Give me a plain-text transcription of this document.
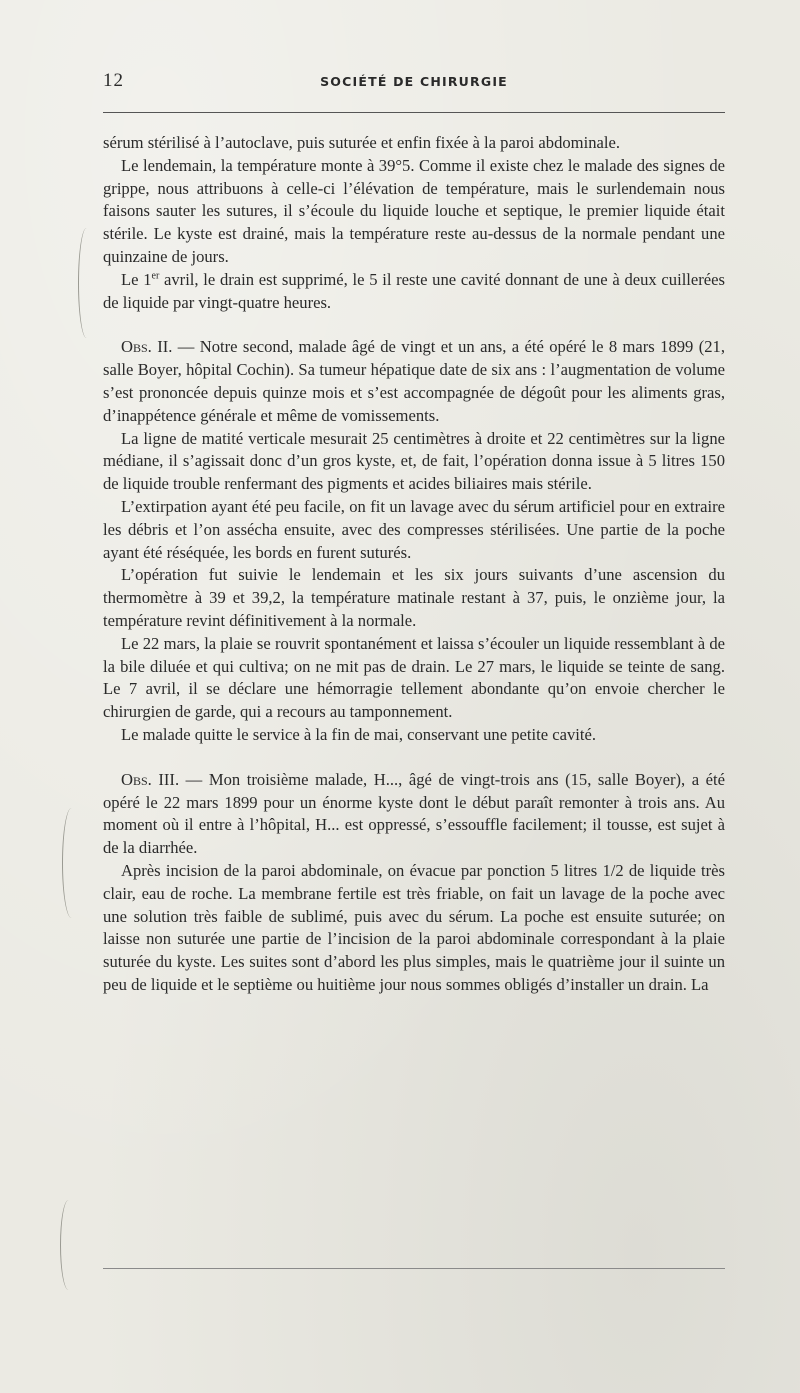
12	SOCIÉTÉ DE CHIRURGIE

sérum stérilisé à l’autoclave, puis suturée et enfin fixée à la paroi abdominale.

Le lendemain, la température monte à 39°5. Comme il existe chez le malade des signes de grippe, nous attribuons à celle-ci l’élévation de température, mais le surlendemain nous faisons sauter les sutures, il s’écoule du liquide louche et septique, le premier liquide était stérile. Le kyste est drainé, mais la température reste au-dessus de la normale pendant une quinzaine de jours.

Le 1er avril, le drain est supprimé, le 5 il reste une cavité donnant de une à deux cuillerées de liquide par vingt-quatre heures.

Obs. II. — Notre second, malade âgé de vingt et un ans, a été opéré le 8 mars 1899 (21, salle Boyer, hôpital Cochin). Sa tumeur hépatique date de six ans : l’augmentation de volume s’est prononcée depuis quinze mois et s’est accompagnée de dégoût pour les aliments gras, d’inappétence générale et même de vomissements.

La ligne de matité verticale mesurait 25 centimètres à droite et 22 centimètres sur la ligne médiane, il s’agissait donc d’un gros kyste, et, de fait, l’opération donna issue à 5 litres 150 de liquide trouble renfermant des pigments et acides biliaires mais stérile.

L’extirpation ayant été peu facile, on fit un lavage avec du sérum artificiel pour en extraire les débris et l’on assécha ensuite, avec des compresses stérilisées. Une partie de la poche ayant été réséquée, les bords en furent suturés.

L’opération fut suivie le lendemain et les six jours suivants d’une ascension du thermomètre à 39 et 39,2, la température matinale restant à 37, puis, le onzième jour, la température revint définitivement à la normale.

Le 22 mars, la plaie se rouvrit spontanément et laissa s’écouler un liquide ressemblant à de la bile diluée et qui cultiva; on ne mit pas de drain. Le 27 mars, le liquide se teinte de sang. Le 7 avril, il se déclare une hémorragie tellement abondante qu’on envoie chercher le chirurgien de garde, qui a recours au tamponnement.

Le malade quitte le service à la fin de mai, conservant une petite cavité.

Obs. III. — Mon troisième malade, H..., âgé de vingt-trois ans (15, salle Boyer), a été opéré le 22 mars 1899 pour un énorme kyste dont le début paraît remonter à trois ans. Au moment où il entre à l’hôpital, H... est oppressé, s’essouffle facilement; il tousse, est sujet à de la diarrhée.

Après incision de la paroi abdominale, on évacue par ponction 5 litres 1/2 de liquide très clair, eau de roche. La membrane fertile est très friable, on fait un lavage de la poche avec une solution très faible de sublimé, puis avec du sérum. La poche est ensuite suturée; on laisse non suturée une partie de l’incision de la paroi abdominale correspondant à la plaie suturée du kyste. Les suites sont d’abord les plus simples, mais le quatrième jour il suinte un peu de liquide et le septième ou huitième jour nous sommes obligés d’installer un drain. La
